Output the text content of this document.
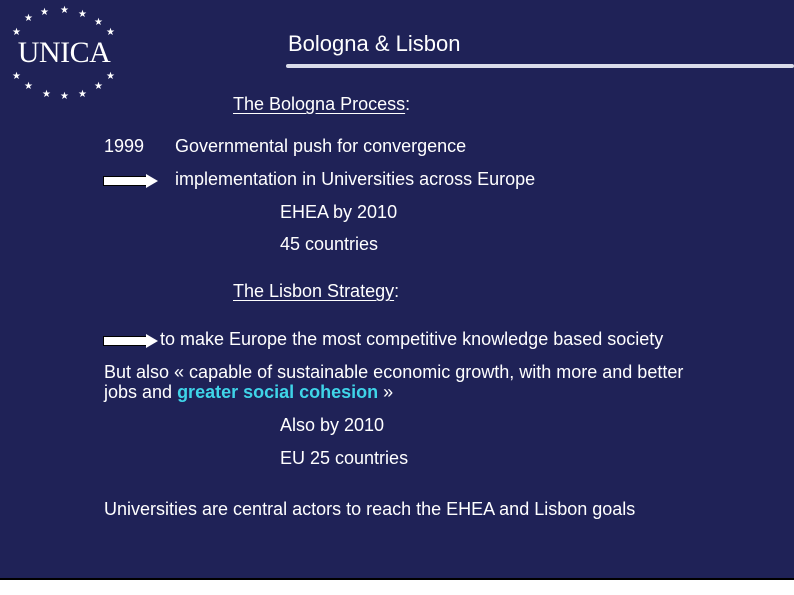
★
★ ★ ★
★
★
★
UNICA
★	★
★
★ ★ ★
★
Bologna & Lisbon
The Bologna Process:
1999 Governmental push for convergence
implementation in Universities across Europe
EHEA by 2010
45 countries
The Lisbon Strategy:
to make Europe the most competitive knowledge based society
But also « capable of sustainable economic growth, with more and better
jobs and greater social cohesion »
Also by 2010
EU 25 countries
Universities are central actors to reach the EHEA and Lisbon goals
